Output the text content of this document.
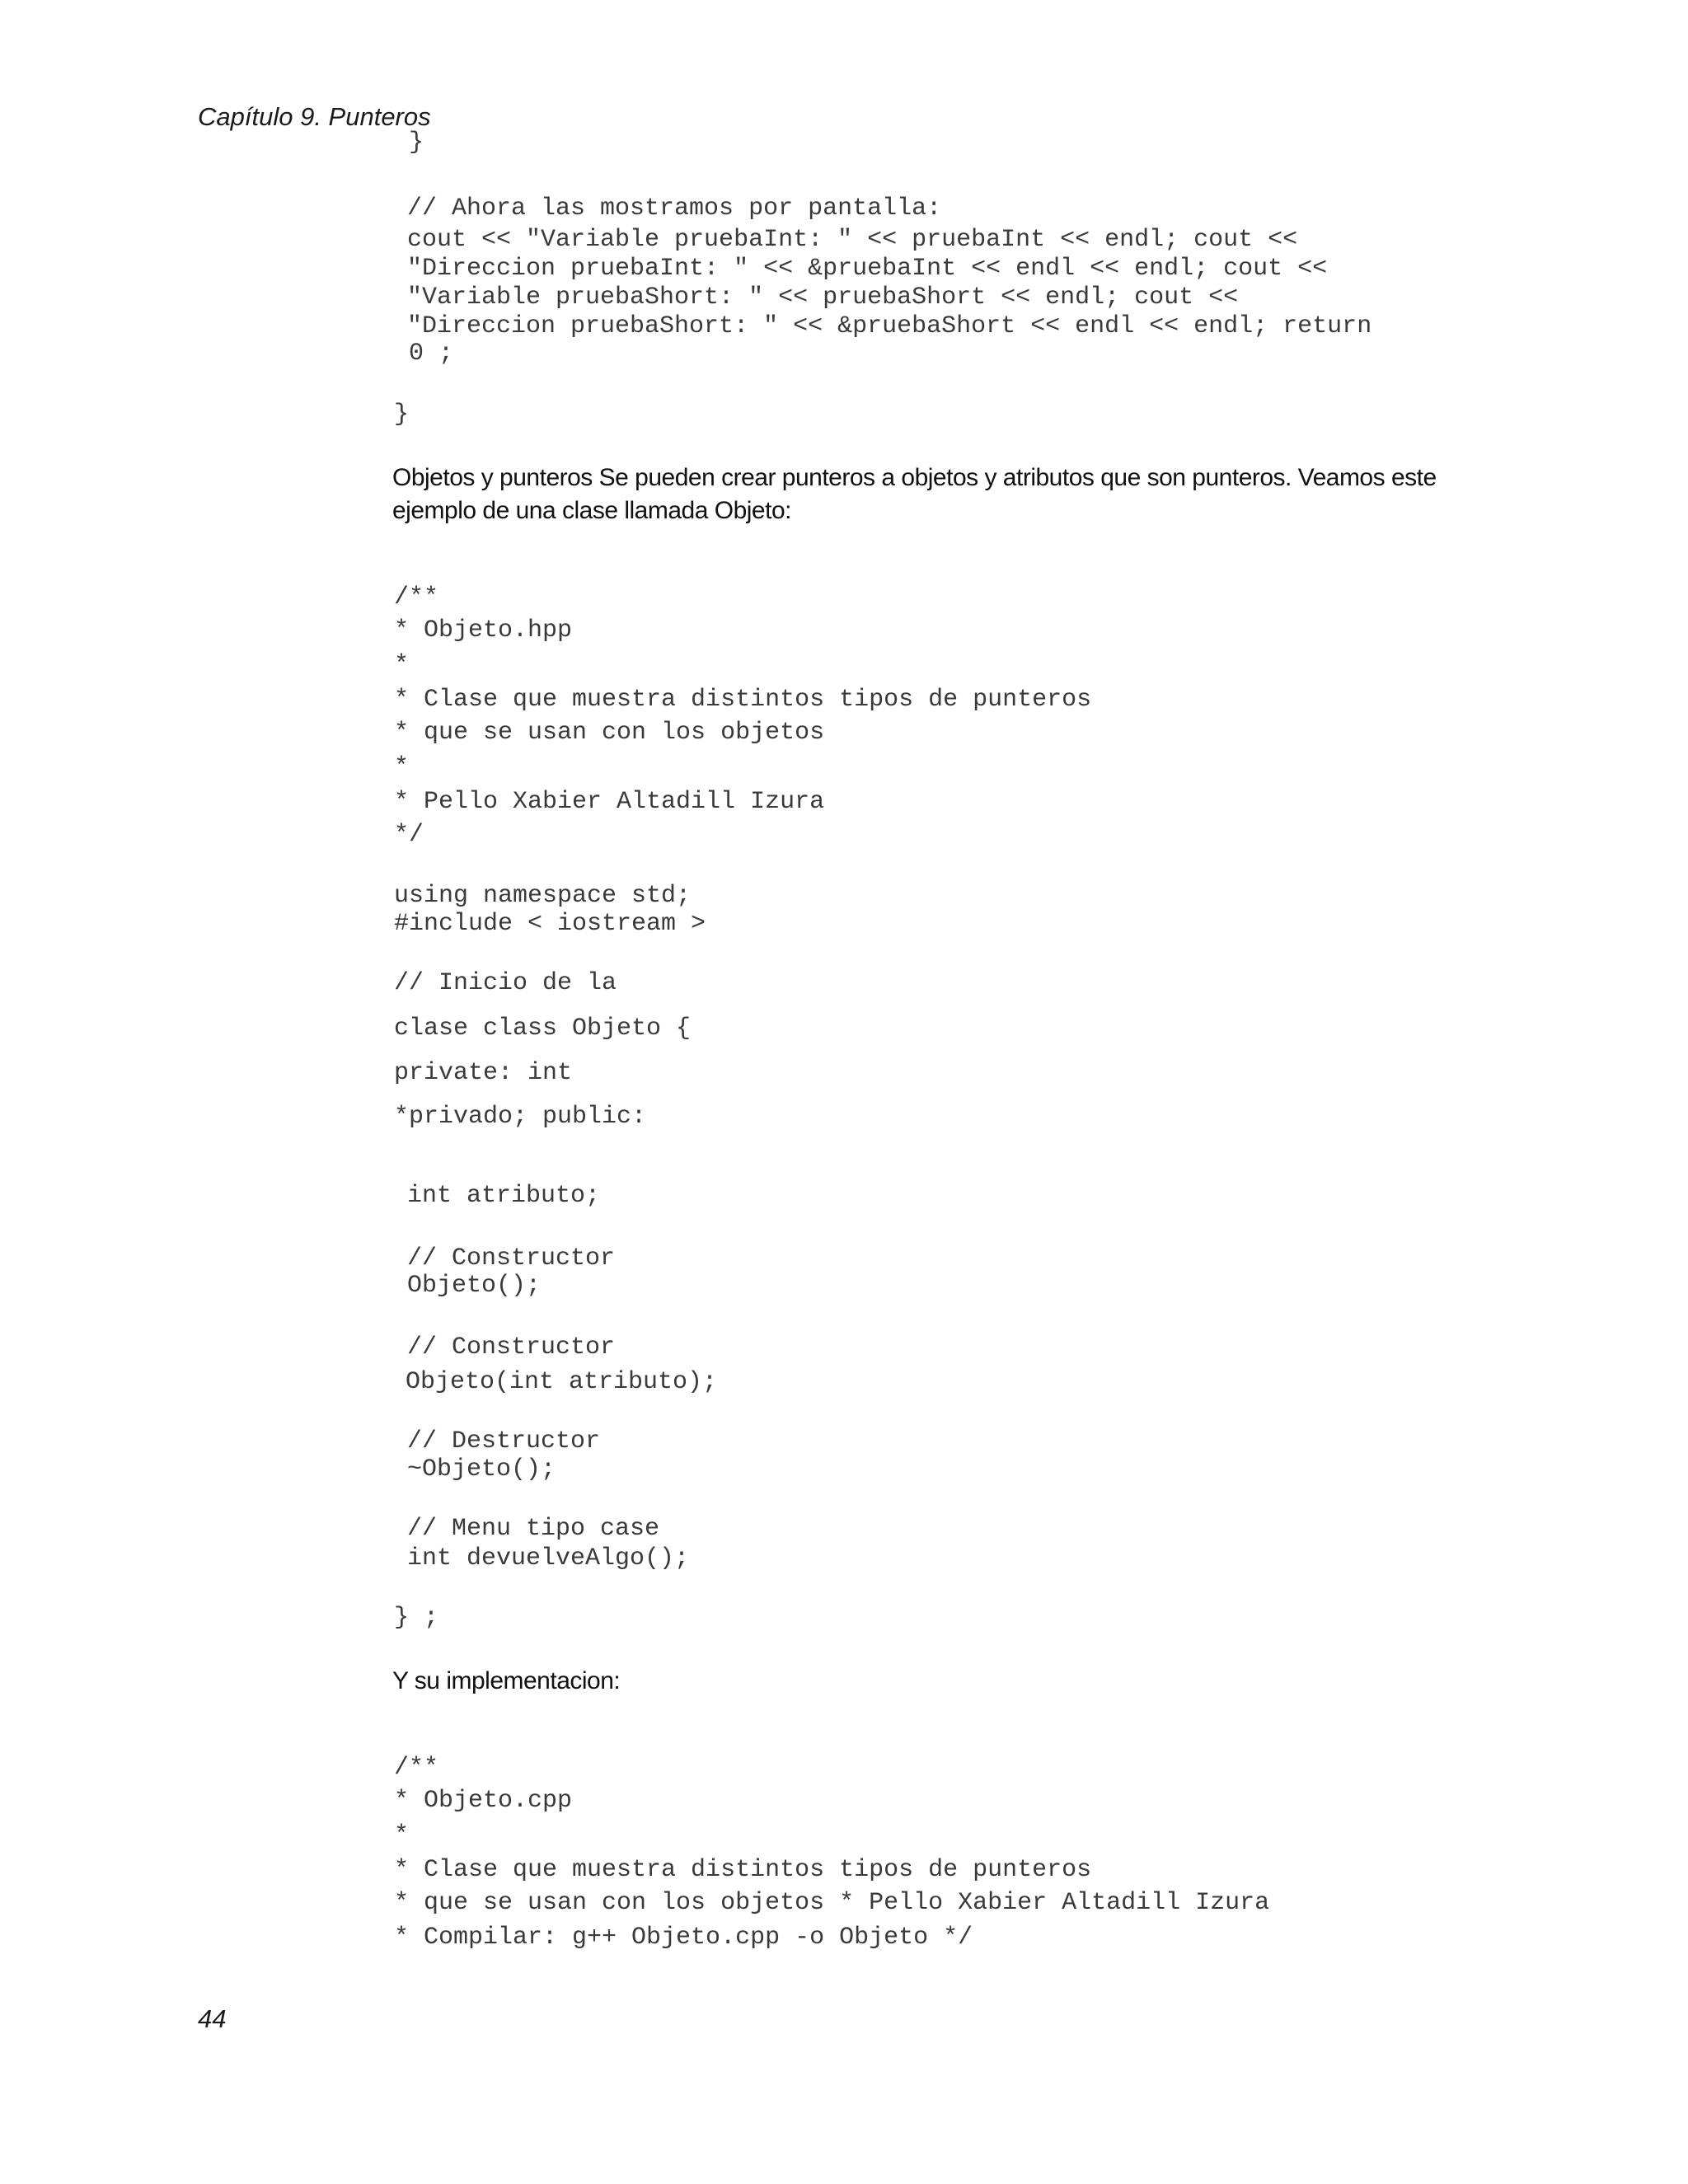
Capítulo 9. Punteros
}
// Ahora las mostramos por pantalla:
cout << "Variable pruebaInt: " << pruebaInt << endl; cout <<
"Direccion pruebaInt: " << &pruebaInt << endl << endl; cout <<
"Variable pruebaShort: " << pruebaShort << endl; cout <<
"Direccion pruebaShort: " << &pruebaShort << endl << endl; return
0 ;
}
Objetos y punteros Se pueden crear punteros a objetos y atributos que son punteros. Veamos este
ejemplo de una clase llamada Objeto:
/**
* Objeto.hpp
*
* Clase que muestra distintos tipos de punteros
* que se usan con los objetos
*
* Pello Xabier Altadill Izura
*/
using namespace std;
#include < iostream >
// Inicio de la
clase class Objeto {
private: int
*privado; public:
int atributo;
// Constructor
Objeto();
// Constructor
Objeto(int atributo);
// Destructor
~Objeto();
// Menu tipo case
int devuelveAlgo();
} ;
Y su implementacion:
/**
* Objeto.cpp
*
* Clase que muestra distintos tipos de punteros
* que se usan con los objetos * Pello Xabier Altadill Izura
* Compilar: g++ Objeto.cpp -o Objeto */
44
